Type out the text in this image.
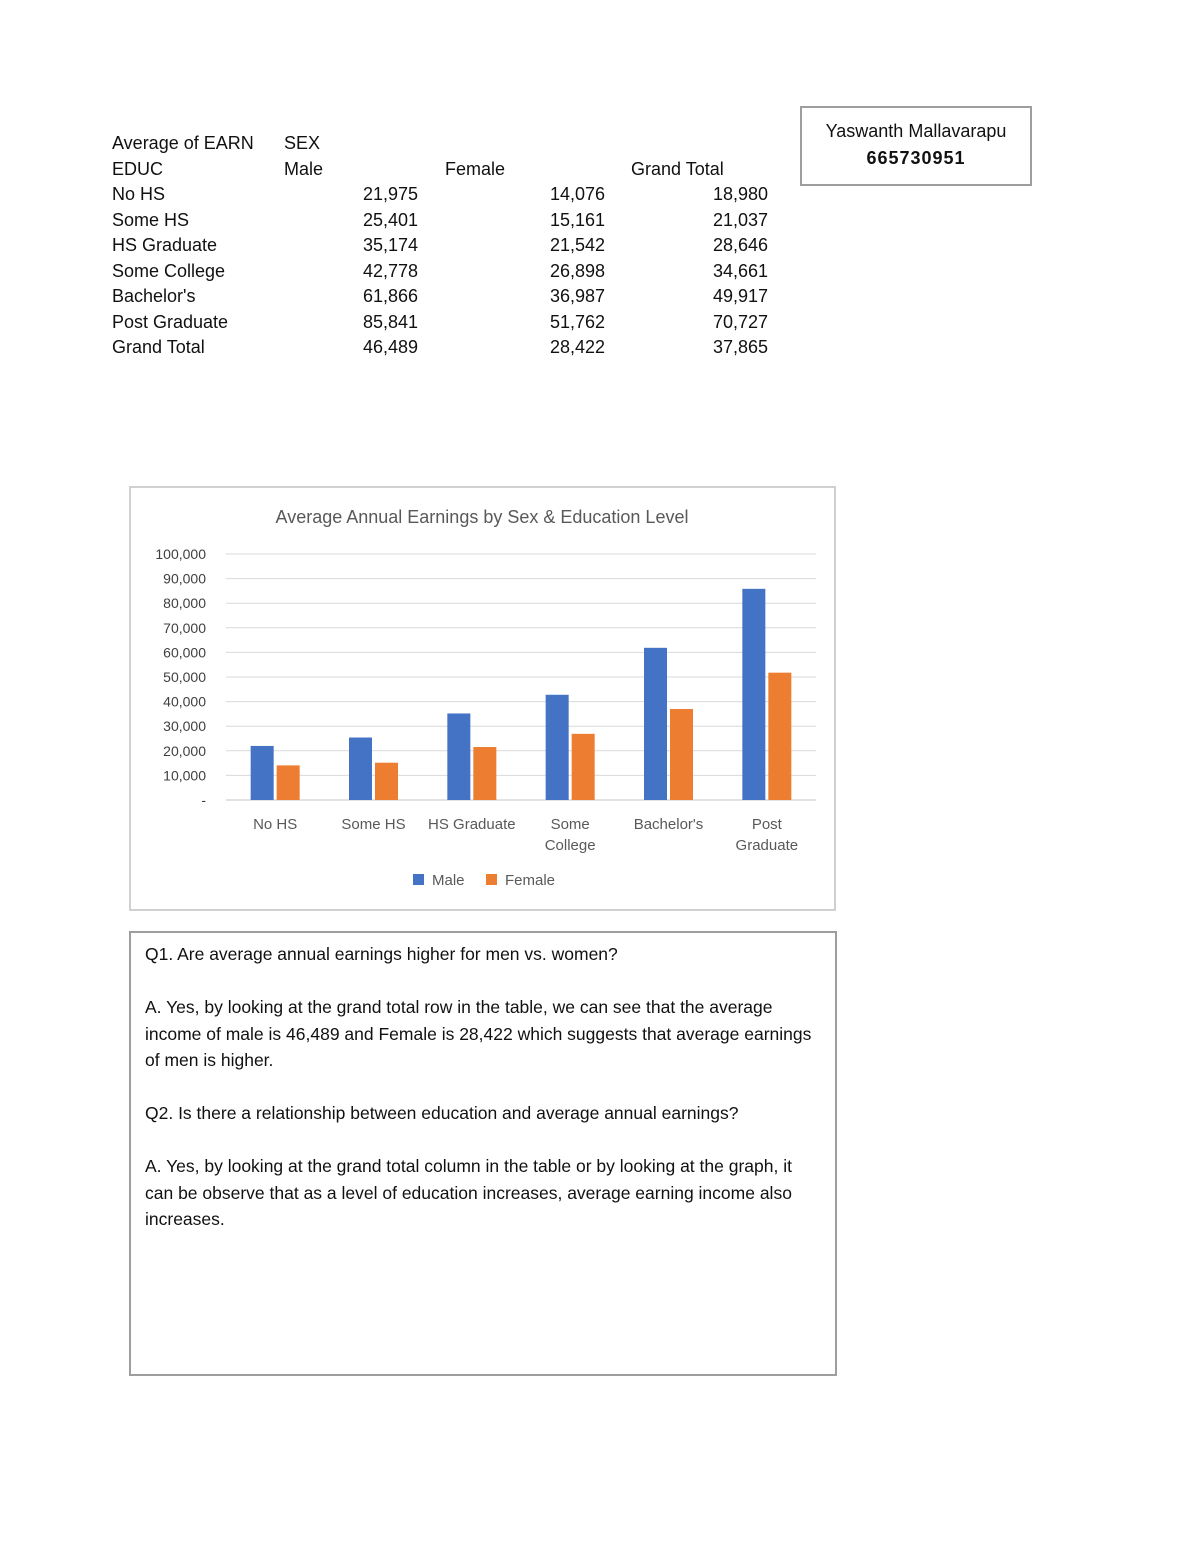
Yaswanth Mallavarapu
665730951
Average of EARN SEX
EDUC	Male	Female	Grand Total
No HS	21,975	14,076	18,980
Some HS	25,401	15,161	21,037
HS Graduate	35,174	21,542	28,646
Some College	42,778	26,898	34,661
Bachelor's	61,866	36,987	49,917
Post Graduate	85,841	51,762	70,727
Grand Total	46,489	28,422	37,865
Average Annual Earnings by Sex & Education Level
-
10,000
20,000
30,000
40,000
50,000
60,000
70,000
80,000
90,000
100,000
No HS	Some HS HS Graduate Some
College
Bachelor's	Post
Graduate
Male	Female

Q1. Are average annual earnings higher for men vs. women?

A. Yes, by looking at the grand total row in the table, we can see that the average income of male is 46,489 and Female is 28,422 which suggests that average earnings of men is higher.

Q2. Is there a relationship between education and average annual earnings?

A. Yes, by looking at the grand total column in the table or by looking at the graph, it can be observe that as a level of education increases, average earning income also increases.
